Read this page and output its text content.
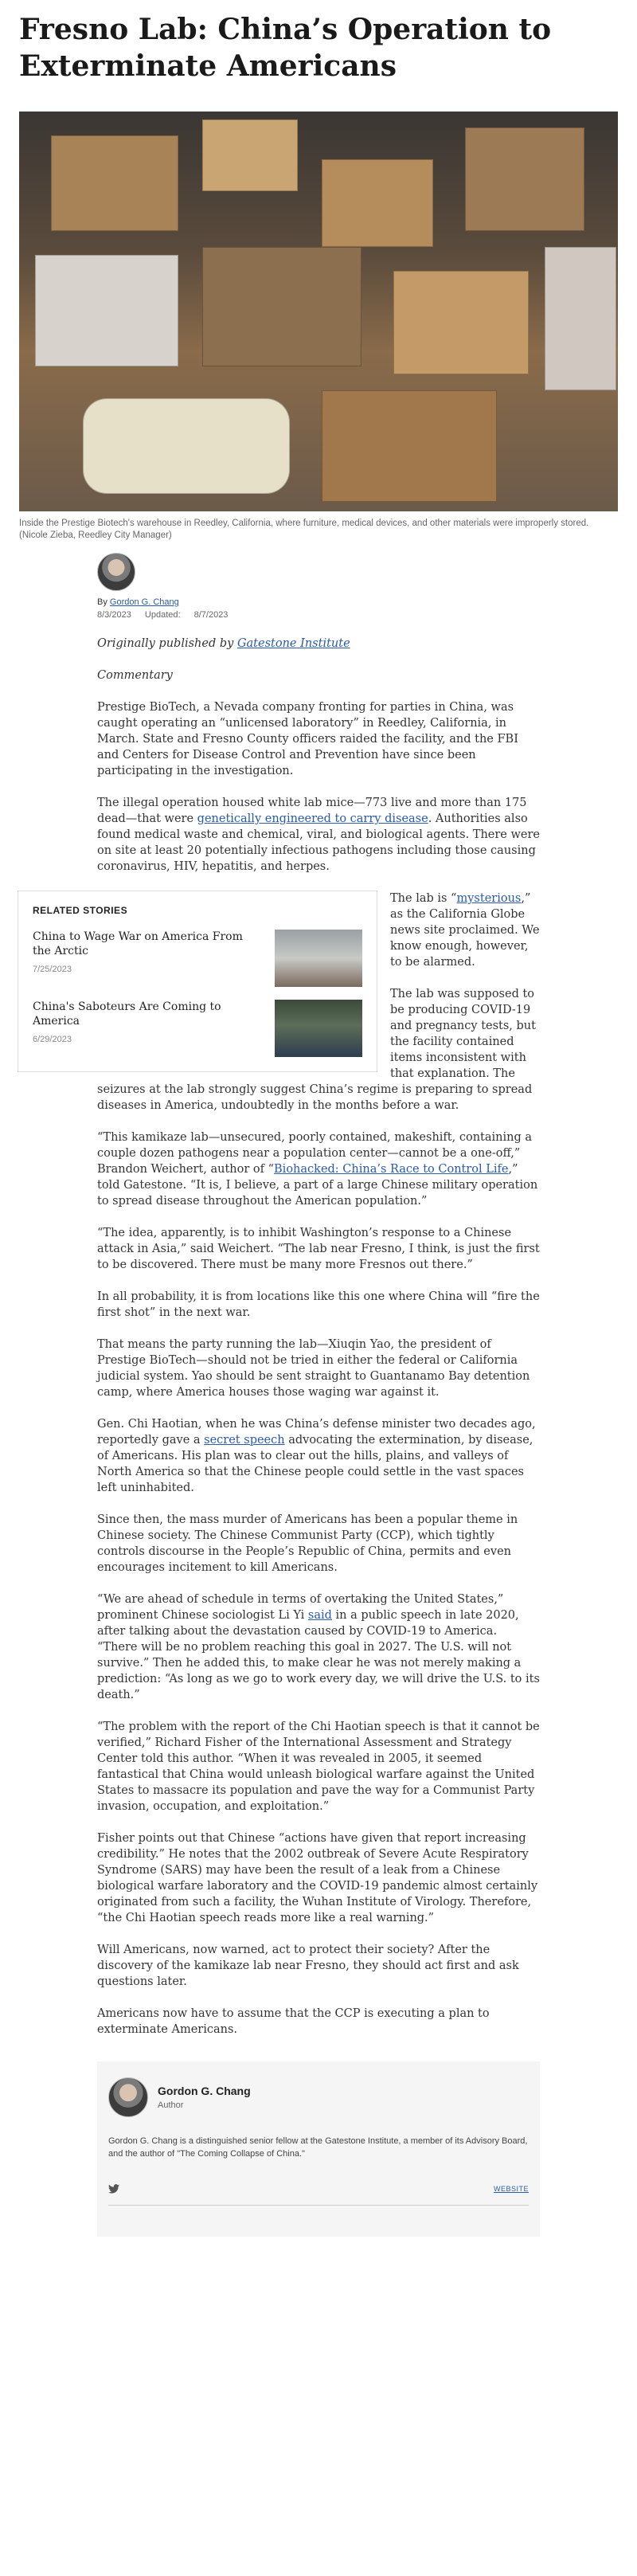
Fresno Lab: China’s Operation to Exterminate Americans

Inside the Prestige Biotech's warehouse in Reedley, California, where furniture, medical devices, and other materials were improperly stored. (Nicole Zieba, Reedley City Manager)

By Gordon G. Chang
8/3/2023 Updated: 8/7/2023

Originally published by Gatestone Institute

Commentary

Prestige BioTech, a Nevada company fronting for parties in China, was caught operating an “unlicensed laboratory” in Reedley, California, in March. State and Fresno County officers raided the facility, and the FBI and Centers for Disease Control and Prevention have since been participating in the investigation.

The illegal operation housed white lab mice—773 live and more than 175 dead—that were genetically engineered to carry disease. Authorities also found medical waste and chemical, viral, and biological agents. There were on site at least 20 potentially infectious pathogens including those causing coronavirus, HIV, hepatitis, and herpes.

RELATED STORIES
China to Wage War on America From the Arctic
7/25/2023
China's Saboteurs Are Coming to America
6/29/2023

The lab is “mysterious,” as the California Globe news site proclaimed. We know enough, however, to be alarmed.

The lab was supposed to be producing COVID-19 and pregnancy tests, but the facility contained items inconsistent with that explanation. The seizures at the lab strongly suggest China’s regime is preparing to spread diseases in America, undoubtedly in the months before a war.

“This kamikaze lab—unsecured, poorly contained, makeshift, containing a couple dozen pathogens near a population center—cannot be a one-off,” Brandon Weichert, author of “Biohacked: China’s Race to Control Life,” told Gatestone. “It is, I believe, a part of a large Chinese military operation to spread disease throughout the American population.”

“The idea, apparently, is to inhibit Washington’s response to a Chinese attack in Asia,” said Weichert. “The lab near Fresno, I think, is just the first to be discovered. There must be many more Fresnos out there.”

In all probability, it is from locations like this one where China will “fire the first shot” in the next war.

That means the party running the lab—Xiuqin Yao, the president of Prestige BioTech—should not be tried in either the federal or California judicial system. Yao should be sent straight to Guantanamo Bay detention camp, where America houses those waging war against it.

Gen. Chi Haotian, when he was China’s defense minister two decades ago, reportedly gave a secret speech advocating the extermination, by disease, of Americans. His plan was to clear out the hills, plains, and valleys of North America so that the Chinese people could settle in the vast spaces left uninhabited.

Since then, the mass murder of Americans has been a popular theme in Chinese society. The Chinese Communist Party (CCP), which tightly controls discourse in the People’s Republic of China, permits and even encourages incitement to kill Americans.

“We are ahead of schedule in terms of overtaking the United States,” prominent Chinese sociologist Li Yi said in a public speech in late 2020, after talking about the devastation caused by COVID-19 to America. “There will be no problem reaching this goal in 2027. The U.S. will not survive.” Then he added this, to make clear he was not merely making a prediction: “As long as we go to work every day, we will drive the U.S. to its death.”

“The problem with the report of the Chi Haotian speech is that it cannot be verified,” Richard Fisher of the International Assessment and Strategy Center told this author. “When it was revealed in 2005, it seemed fantastical that China would unleash biological warfare against the United States to massacre its population and pave the way for a Communist Party invasion, occupation, and exploitation.”

Fisher points out that Chinese “actions have given that report increasing credibility.” He notes that the 2002 outbreak of Severe Acute Respiratory Syndrome (SARS) may have been the result of a leak from a Chinese biological warfare laboratory and the COVID-19 pandemic almost certainly originated from such a facility, the Wuhan Institute of Virology. Therefore, “the Chi Haotian speech reads more like a real warning.”

Will Americans, now warned, act to protect their society? After the discovery of the kamikaze lab near Fresno, they should act first and ask questions later.

Americans now have to assume that the CCP is executing a plan to exterminate Americans.

Gordon G. Chang
Author
Gordon G. Chang is a distinguished senior fellow at the Gatestone Institute, a member of its Advisory Board, and the author of "The Coming Collapse of China."
WEBSITE
